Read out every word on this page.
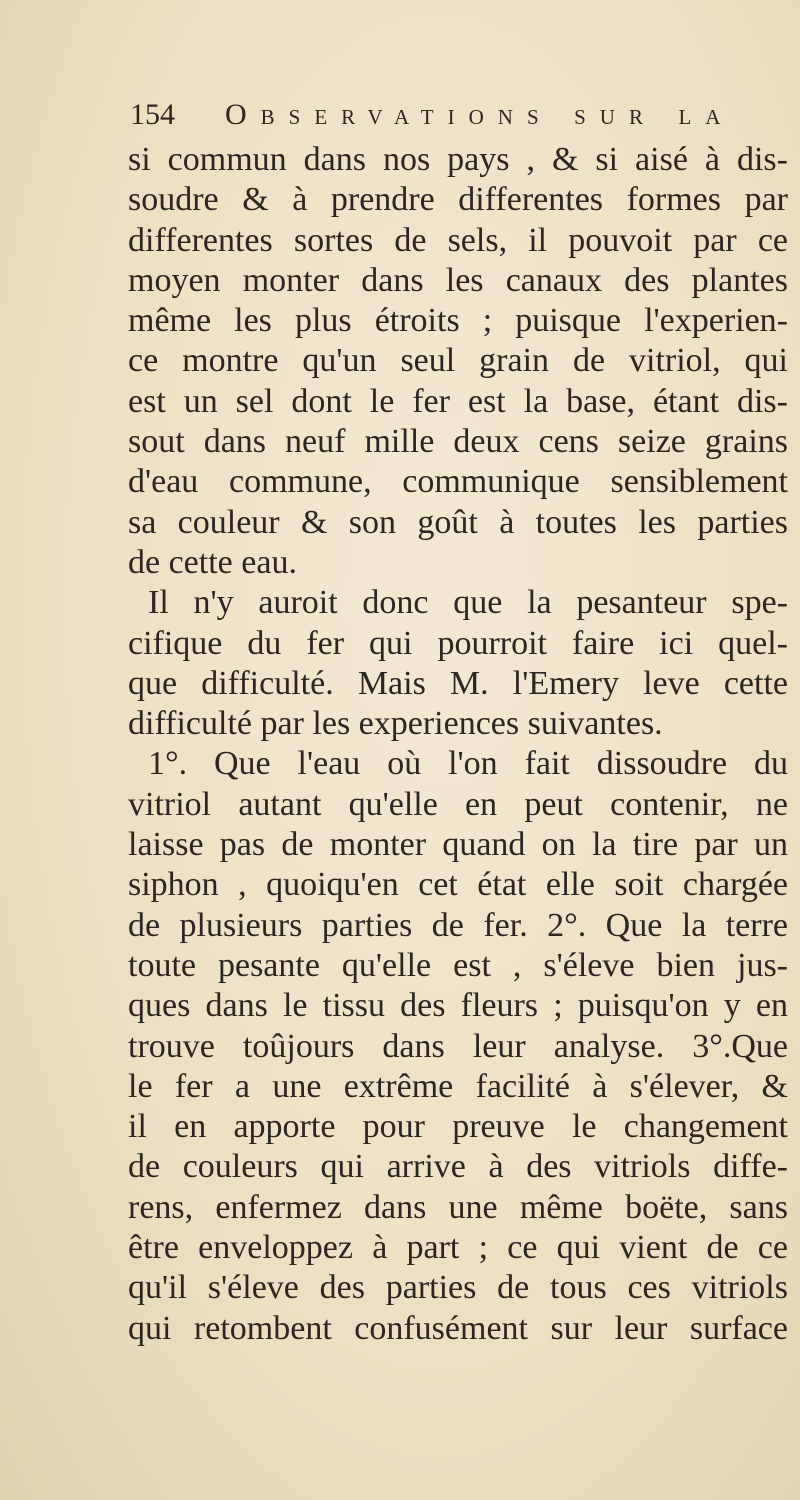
154 Observations sur la
si commun dans nos pays , & si aisé à dis-
soudre & à prendre differentes formes par
differentes sortes de sels, il pouvoit par ce
moyen monter dans les canaux des plantes
même les plus étroits ; puisque l'experien-
ce montre qu'un seul grain de vitriol, qui
est un sel dont le fer est la base, étant dis-
sout dans neuf mille deux cens seize grains
d'eau commune, communique sensiblement
sa couleur & son goût à toutes les parties
de cette eau.
Il n'y auroit donc que la pesanteur spe-
cifique du fer qui pourroit faire ici quel-
que difficulté. Mais M. l'Emery leve cette
difficulté par les experiences suivantes.
1°. Que l'eau où l'on fait dissoudre du
vitriol autant qu'elle en peut contenir, ne
laisse pas de monter quand on la tire par un
siphon , quoiqu'en cet état elle soit chargée
de plusieurs parties de fer. 2°. Que la terre
toute pesante qu'elle est , s'éleve bien jus-
ques dans le tissu des fleurs ; puisqu'on y en
trouve toûjours dans leur analyse. 3°.Que
le fer a une extrême facilité à s'élever, &
il en apporte pour preuve le changement
de couleurs qui arrive à des vitriols diffe-
rens, enfermez dans une même boëte, sans
être enveloppez à part ; ce qui vient de ce
qu'il s'éleve des parties de tous ces vitriols
qui retombent confusément sur leur surface
